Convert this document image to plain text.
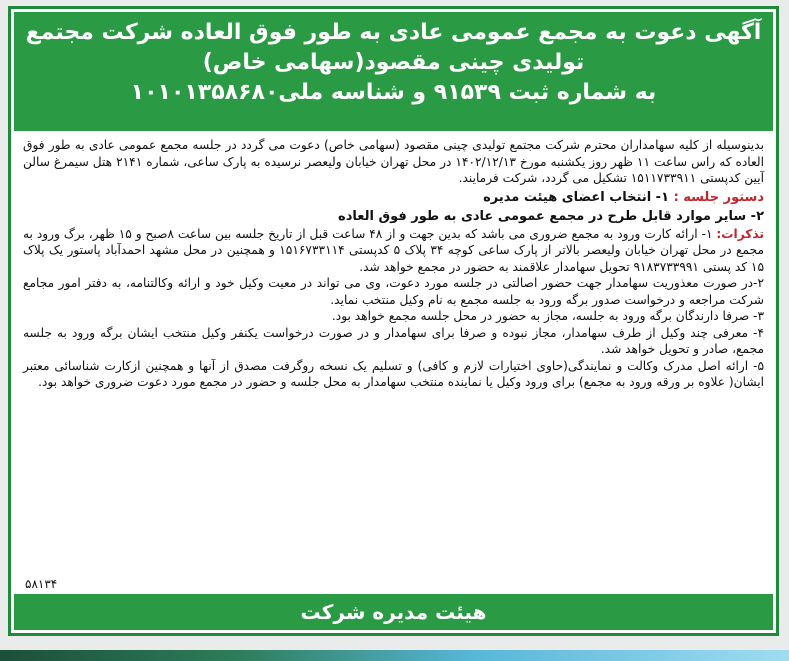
آگهی دعوت به مجمع عمومی عادی به طور فوق العاده شرکت مجتمع
تولیدی چینی مقصود(سهامی خاص)
به شماره ثبت ۹۱۵۳۹ و شناسه ملی۱۰۱۰۱۳۵۸۶۸۰

بدینوسیله از کلیه سهامداران محترم شرکت مجتمع تولیدی چینی مقصود (سهامی خاص) دعوت می گردد در جلسه مجمع عمومی عادی به طور فوق العاده که راس ساعت ۱۱ ظهر روز یکشنبه مورخ ۱۴۰۲/۱۲/۱۳ در محل تهران خیابان ولیعصر نرسیده به پارک ساعی، شماره ۲۱۴۱ هتل سیمرغ سالن آیین کدپستی ۱۵۱۱۷۳۳۹۱۱ تشکیل می گردد، شرکت فرمایند.

دستور جلسه : ۱- انتخاب اعضای هیئت مدیره

۲- سایر موارد قابل طرح در مجمع عمومی عادی به طور فوق العاده

تذکرات: ۱- ارائه کارت ورود به مجمع ضروری می باشد که بدین جهت و از ۴۸ ساعت قبل از تاریخ جلسه بین ساعت ۸صبح و ۱۵ ظهر، برگ ورود به مجمع در محل تهران خیابان ولیعصر بالاتر از پارک ساعی کوچه ۳۴ پلاک ۵ کدپستی ۱۵۱۶۷۳۳۱۱۴ و همچنین در محل مشهد احمدآباد پاستور یک پلاک ۱۵ کد پستی ۹۱۸۳۷۳۳۹۹۱ تحویل سهامدار علاقمند به حضور در مجمع خواهد شد.

۲-در صورت معذوریت سهامدار جهت حضور اصالتی در جلسه مورد دعوت، وی می تواند در معیت وکیل خود و ارائه وکالتنامه، به دفتر امور مجامع شرکت مراجعه و درخواست صدور برگه ورود به جلسه مجمع به نام وکیل منتخب نماید.

۳- صرفا دارندگان برگه ورود به جلسه، مجاز به حضور در محل جلسه مجمع خواهد بود.

۴- معرفی چند وکیل از طرف سهامدار، مجاز نبوده و صرفا برای سهامدار و در صورت درخواست یکنفر وکیل منتخب ایشان برگه ورود به جلسه مجمع، صادر و تحویل خواهد شد.

۵- ارائه اصل مدرک وکالت و نمایندگی(حاوی اختیارات لازم و کافی) و تسلیم یک نسخه روگرفت مصدق از آنها و همچنین ازکارت شناسائی معتبر ایشان( علاوه بر ورقه ورود به مجمع) برای ورود وکیل یا نماینده منتخب سهامدار به محل جلسه و حضور در مجمع مورد دعوت ضروری خواهد بود.

۵۸۱۳۴
هیئت مدیره شرکت
